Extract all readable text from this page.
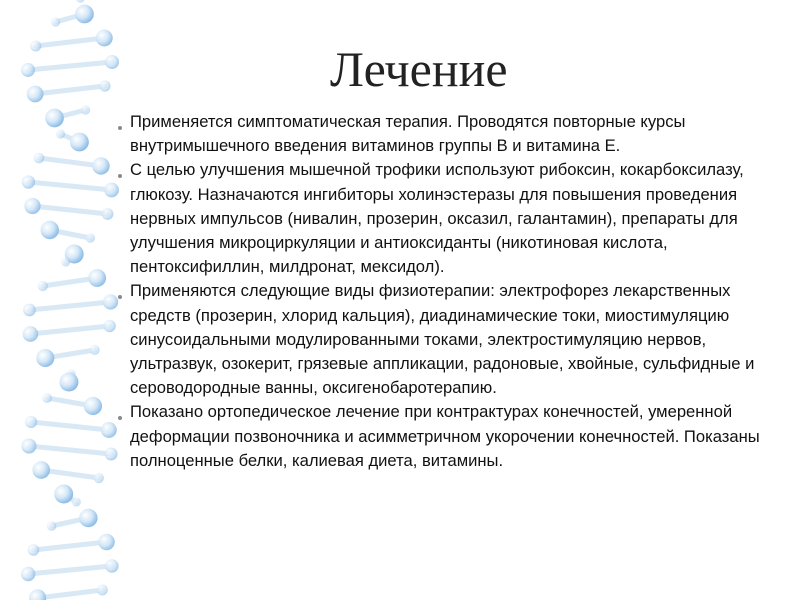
Лечение
Применяется симптоматическая терапия. Проводятся повторные курсы внутримышечного введения витаминов группы В и витамина Е.
С целью улучшения мышечной трофики используют рибоксин, кокарбоксилазу, глюкозу. Назначаются ингибиторы холинэстеразы для повышения проведения нервных импульсов (нивалин, прозерин, оксазил, галантамин), препараты для улучшения микроциркуляции и антиоксиданты (никотиновая кислота, пентоксифиллин, милдронат, мексидол).
Применяются следующие виды физиотерапии: электрофорез лекарственных средств (прозерин, хлорид кальция), диадинамические токи, миостимуляцию синусоидальными модулированными токами, электростимуляцию нервов, ультразвук, озокерит, грязевые аппликации, радоновые, хвойные, сульфидные и сероводородные ванны, оксигенобаротерапию.
Показано ортопедическое лечение при контрактурах конечностей, умеренной деформации позвоночника и асимметричном укорочении конечностей. Показаны полноценные белки, калиевая диета, витамины.
